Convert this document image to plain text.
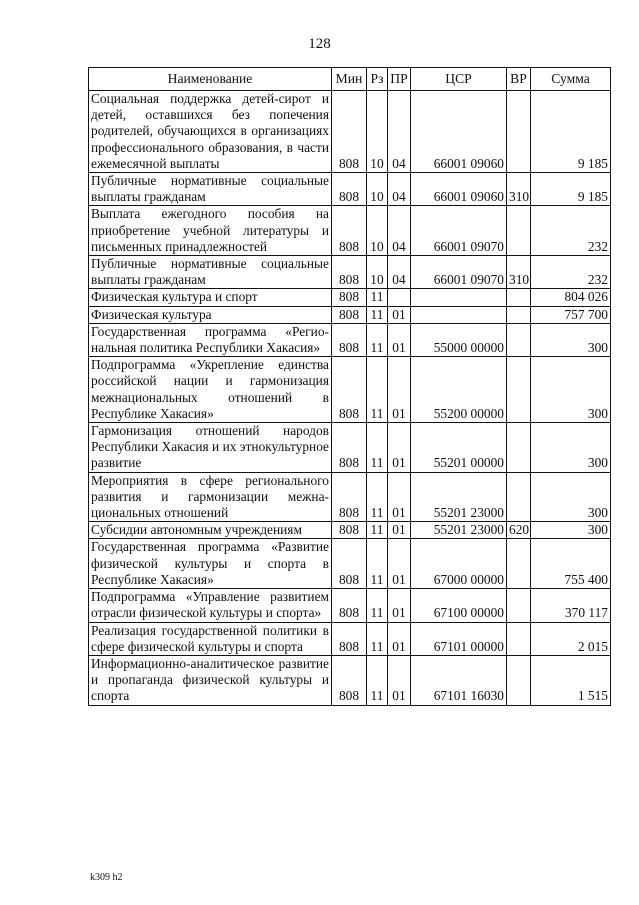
128
Наименование	Мин	Рз	ПР	ЦСР	ВР	Сумма
Социальная поддержка детей-сирот и детей, оставшихся без попечения родителей, обучающихся в организациях профессионального образования, в части ежемесячной выплаты	808	10	04	66001 09060		9 185
Публичные нормативные социальные выплаты гражданам	808	10	04	66001 09060	310	9 185
Выплата ежегодного пособия на приобретение учебной литературы и письменных принадлежностей	808	10	04	66001 09070		232
Публичные нормативные социальные выплаты гражданам	808	10	04	66001 09070	310	232
Физическая культура и спорт	808	11				804 026
Физическая культура	808	11	01			757 700
Государственная программа «Региональная политика Республики Хакасия»	808	11	01	55000 00000		300
Подпрограмма «Укрепление единства российской нации и гармонизация межнациональных отношений в Республике Хакасия»	808	11	01	55200 00000		300
Гармонизация отношений народов Республики Хакасия и их этнокультурное развитие	808	11	01	55201 00000		300
Мероприятия в сфере регионального развития и гармонизации межнациональных отношений	808	11	01	55201 23000		300
Субсидии автономным учреждениям	808	11	01	55201 23000	620	300
Государственная программа «Развитие физической культуры и спорта в Республике Хакасия»	808	11	01	67000 00000		755 400
Подпрограмма «Управление развитием отрасли физической культуры и спорта»	808	11	01	67100 00000		370 117
Реализация государственной политики в сфере физической культуры и спорта	808	11	01	67101 00000		2 015
Информационно-аналитическое развитие и пропаганда физической культуры и спорта	808	11	01	67101 16030		1 515
k309 h2
